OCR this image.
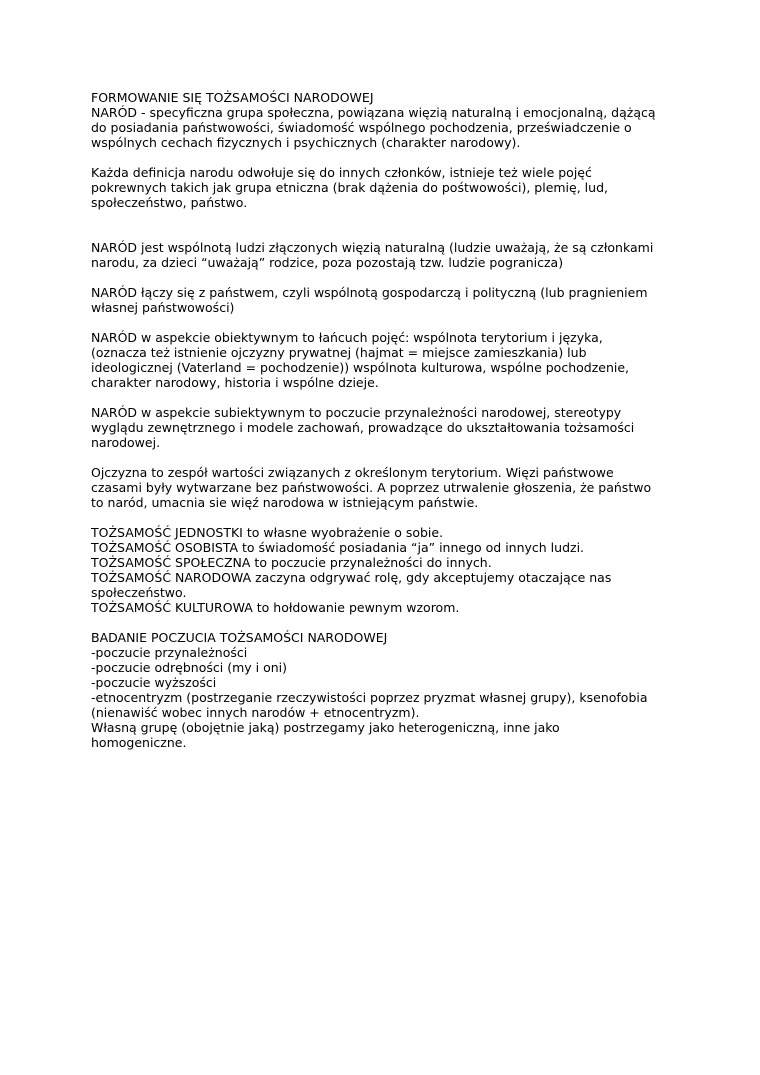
FORMOWANIE SIĘ TOŻSAMOŚCI NARODOWEJ
NARÓD - specyficzna grupa społeczna, powiązana więzią naturalną i emocjonalną, dążącą
do posiadania państwowości, świadomość wspólnego pochodzenia, przeświadczenie o
wspólnych cechach fizycznych i psychicznych (charakter narodowy).
Każda definicja narodu odwołuje się do innych członków, istnieje też wiele pojęć
pokrewnych takich jak grupa etniczna (brak dążenia do pośtwowości), plemię, lud,
społeczeństwo, państwo.
NARÓD jest wspólnotą ludzi złączonych więzią naturalną (ludzie uważają, że są członkami
narodu, za dzieci “uważają” rodzice, poza pozostają tzw. ludzie pogranicza)
NARÓD łączy się z państwem, czyli wspólnotą gospodarczą i polityczną (lub pragnieniem
własnej państwowości)
NARÓD w aspekcie obiektywnym to łańcuch pojęć: wspólnota terytorium i języka,
(oznacza też istnienie ojczyzny prywatnej (hajmat = miejsce zamieszkania) lub
ideologicznej (Vaterland = pochodzenie)) wspólnota kulturowa, wspólne pochodzenie,
charakter narodowy, historia i wspólne dzieje.
NARÓD w aspekcie subiektywnym to poczucie przynależności narodowej, stereotypy
wyglądu zewnętrznego i modele zachowań, prowadzące do ukształtowania tożsamości
narodowej.
Ojczyzna to zespół wartości związanych z określonym terytorium. Więzi państwowe
czasami były wytwarzane bez państwowości. A poprzez utrwalenie głoszenia, że państwo
to naród, umacnia sie więź narodowa w istniejącym państwie.
TOŻSAMOŚĆ JEDNOSTKI to własne wyobrażenie o sobie.
TOŻSAMOŚĆ OSOBISTA to świadomość posiadania “ja” innego od innych ludzi.
TOŻSAMOŚĆ SPOŁECZNA to poczucie przynależności do innych.
TOŻSAMOŚĆ NARODOWA zaczyna odgrywać rolę, gdy akceptujemy otaczające nas
społeczeństwo.
TOŻSAMOŚĆ KULTUROWA to hołdowanie pewnym wzorom.
BADANIE POCZUCIA TOŻSAMOŚCI NARODOWEJ
-poczucie przynależności
-poczucie odrębności (my i oni)
-poczucie wyższości
-etnocentryzm (postrzeganie rzeczywistości poprzez pryzmat własnej grupy), ksenofobia
(nienawiść wobec innych narodów + etnocentryzm).
Własną grupę (obojętnie jaką) postrzegamy jako heterogeniczną, inne jako
homogeniczne.
